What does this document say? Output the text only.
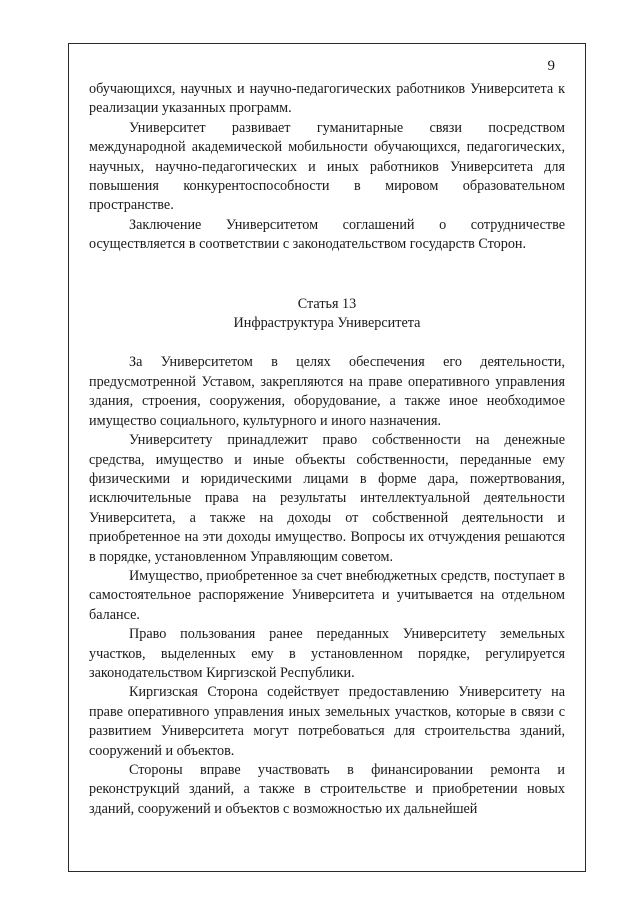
9

обучающихся, научных и научно-педагогических работников Университета к реализации указанных программ.

Университет развивает гуманитарные связи посредством международной академической мобильности обучающихся, педагогических, научных, научно-педагогических и иных работников Университета для повышения конкурентоспособности в мировом образовательном пространстве.

Заключение Университетом соглашений о сотрудничестве осуществляется в соответствии с законодательством государств Сторон.

Статья 13

Инфраструктура Университета

За Университетом в целях обеспечения его деятельности, предусмотренной Уставом, закрепляются на праве оперативного управления здания, строения, сооружения, оборудование, а также иное необходимое имущество социального, культурного и иного назначения.

Университету принадлежит право собственности на денежные средства, имущество и иные объекты собственности, переданные ему физическими и юридическими лицами в форме дара, пожертвования, исключительные права на результаты интеллектуальной деятельности Университета, а также на доходы от собственной деятельности и приобретенное на эти доходы имущество. Вопросы их отчуждения решаются в порядке, установленном Управляющим советом.

Имущество, приобретенное за счет внебюджетных средств, поступает в самостоятельное распоряжение Университета и учитывается на отдельном балансе.

Право пользования ранее переданных Университету земельных участков, выделенных ему в установленном порядке, регулируется законодательством Киргизской Республики.

Киргизская Сторона содействует предоставлению Университету на праве оперативного управления иных земельных участков, которые в связи с развитием Университета могут потребоваться для строительства зданий, сооружений и объектов.

Стороны вправе участвовать в финансировании ремонта и реконструкций зданий, а также в строительстве и приобретении новых зданий, сооружений и объектов с возможностью их дальнейшей
